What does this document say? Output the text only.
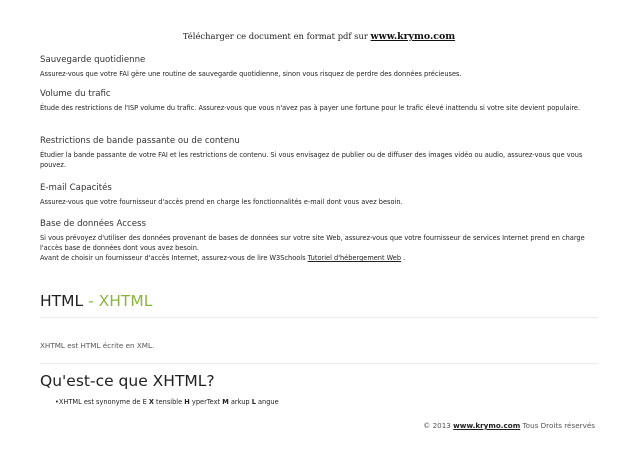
Télécharger ce document en format pdf sur www.krymo.com
Sauvegarde quotidienne

Assurez-vous que votre FAI gère une routine de sauvegarde quotidienne, sinon vous risquez de perdre des données précieuses.

Volume du trafic

Étude des restrictions de l'ISP volume du trafic. Assurez-vous que vous n'avez pas à payer une fortune pour le trafic élevé inattendu si votre site devient populaire.

Restrictions de bande passante ou de contenu

Étudier la bande passante de votre FAI et les restrictions de contenu. Si vous envisagez de publier ou de diffuser des images vidéo ou audio, assurez-vous que vous pouvez.

E-mail Capacités

Assurez-vous que votre fournisseur d'accès prend en charge les fonctionnalités e-mail dont vous avez besoin.

Base de données Access

Si vous prévoyez d'utiliser des données provenant de bases de données sur votre site Web, assurez-vous que votre fournisseur de services Internet prend en charge l'accès base de données dont vous avez besoin.

Avant de choisir un fournisseur d'accès Internet, assurez-vous de lire W3Schools Tutoriel d'hébergement Web .

HTML - XHTML
XHTML est HTML écrite en XML.
Qu'est-ce que XHTML?
•XHTML est synonyme de E X tensible H yperText M arkup L angue
© 2013 www.krymo.com Tous Droits réservés
